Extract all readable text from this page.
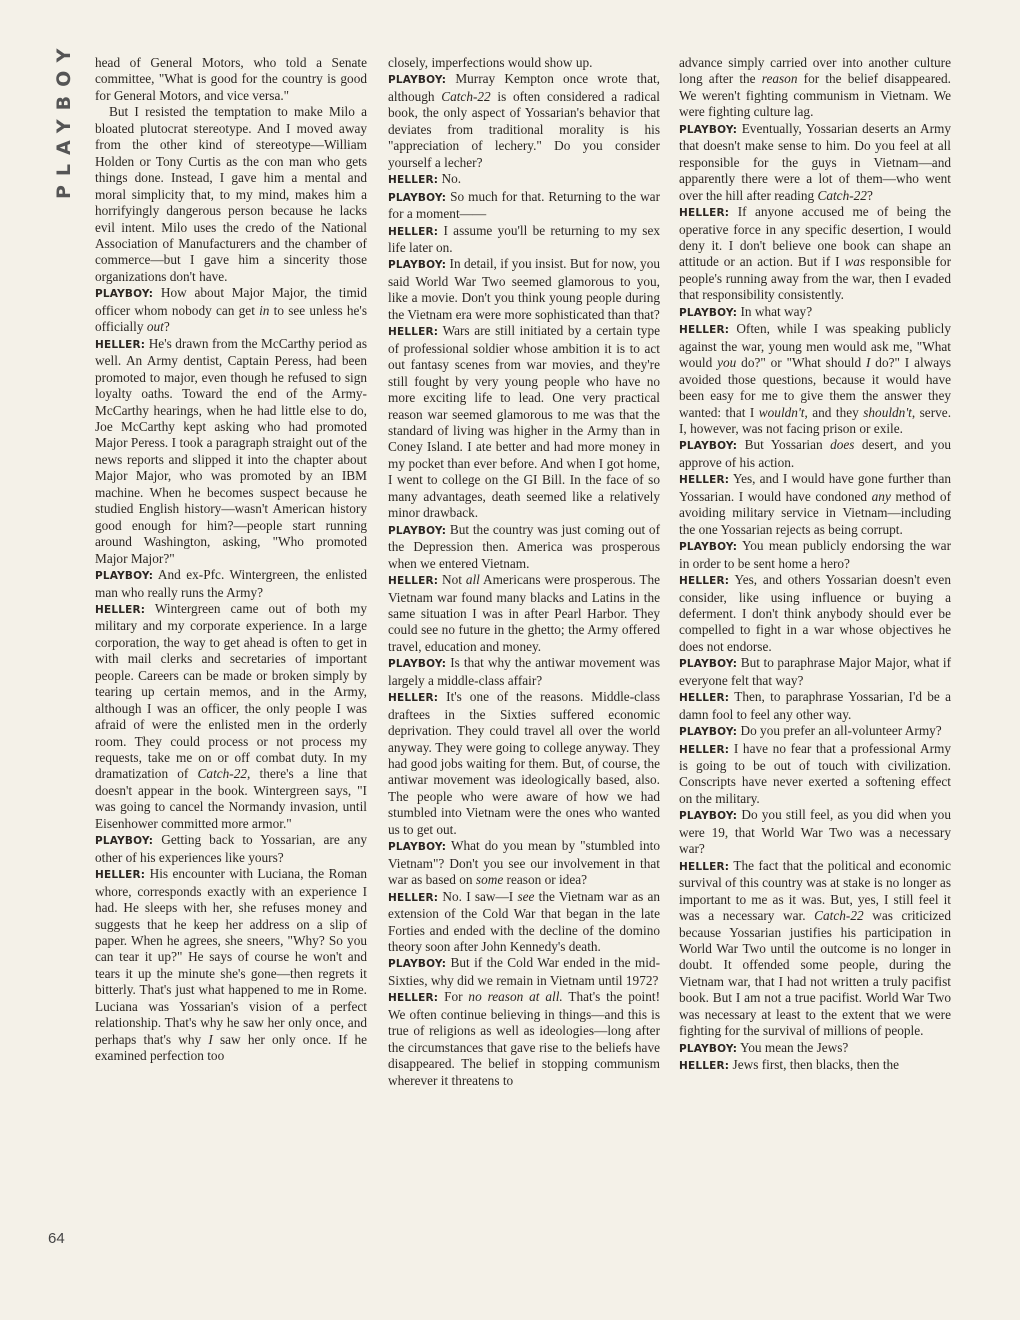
PLAYBOY
64

head of General Motors, who told a Senate committee, "What is good for the country is good for General Motors, and vice versa."

But I resisted the temptation to make Milo a bloated plutocrat stereotype. And I moved away from the other kind of stereotype—William Holden or Tony Curtis as the con man who gets things done. Instead, I gave him a mental and moral simplicity that, to my mind, makes him a horrifyingly dangerous person because he lacks evil intent. Milo uses the credo of the National Association of Manufacturers and the chamber of commerce—but I gave him a sincerity those organizations don't have.

PLAYBOY: How about Major Major, the timid officer whom nobody can get in to see unless he's officially out?

HELLER: He's drawn from the McCarthy period as well. An Army dentist, Captain Peress, had been promoted to major, even though he refused to sign loyalty oaths. Toward the end of the Army-McCarthy hearings, when he had little else to do, Joe McCarthy kept asking who had promoted Major Peress. I took a paragraph straight out of the news reports and slipped it into the chapter about Major Major, who was promoted by an IBM machine. When he becomes suspect because he studied English history—wasn't American history good enough for him?—people start running around Washington, asking, "Who promoted Major Major?"

PLAYBOY: And ex-Pfc. Wintergreen, the enlisted man who really runs the Army?

HELLER: Wintergreen came out of both my military and my corporate experience. In a large corporation, the way to get ahead is often to get in with mail clerks and secretaries of important people. Careers can be made or broken simply by tearing up certain memos, and in the Army, although I was an officer, the only people I was afraid of were the enlisted men in the orderly room. They could process or not process my requests, take me on or off combat duty. In my dramatization of Catch-22, there's a line that doesn't appear in the book. Wintergreen says, "I was going to cancel the Normandy invasion, until Eisenhower committed more armor."

PLAYBOY: Getting back to Yossarian, are any other of his experiences like yours?

HELLER: His encounter with Luciana, the Roman whore, corresponds exactly with an experience I had. He sleeps with her, she refuses money and suggests that he keep her address on a slip of paper. When he agrees, she sneers, "Why? So you can tear it up?" He says of course he won't and tears it up the minute she's gone—then regrets it bitterly. That's just what happened to me in Rome. Luciana was Yossarian's vision of a perfect relationship. That's why he saw her only once, and perhaps that's why I saw her only once. If he examined perfection too

closely, imperfections would show up.

PLAYBOY: Murray Kempton once wrote that, although Catch-22 is often considered a radical book, the only aspect of Yossarian's behavior that deviates from traditional morality is his "appreciation of lechery." Do you consider yourself a lecher?

HELLER: No.

PLAYBOY: So much for that. Returning to the war for a moment——

HELLER: I assume you'll be returning to my sex life later on.

PLAYBOY: In detail, if you insist. But for now, you said World War Two seemed glamorous to you, like a movie. Don't you think young people during the Vietnam era were more sophisticated than that?

HELLER: Wars are still initiated by a certain type of professional soldier whose ambition it is to act out fantasy scenes from war movies, and they're still fought by very young people who have no more exciting life to lead. One very practical reason war seemed glamorous to me was that the standard of living was higher in the Army than in Coney Island. I ate better and had more money in my pocket than ever before. And when I got home, I went to college on the GI Bill. In the face of so many advantages, death seemed like a relatively minor drawback.

PLAYBOY: But the country was just coming out of the Depression then. America was prosperous when we entered Vietnam.

HELLER: Not all Americans were prosperous. The Vietnam war found many blacks and Latins in the same situation I was in after Pearl Harbor. They could see no future in the ghetto; the Army offered travel, education and money.

PLAYBOY: Is that why the antiwar movement was largely a middle-class affair?

HELLER: It's one of the reasons. Middle-class draftees in the Sixties suffered economic deprivation. They could travel all over the world anyway. They were going to college anyway. They had good jobs waiting for them. But, of course, the antiwar movement was ideologically based, also. The people who were aware of how we had stumbled into Vietnam were the ones who wanted us to get out.

PLAYBOY: What do you mean by "stumbled into Vietnam"? Don't you see our involvement in that war as based on some reason or idea?

HELLER: No. I saw—I see the Vietnam war as an extension of the Cold War that began in the late Forties and ended with the decline of the domino theory soon after John Kennedy's death.

PLAYBOY: But if the Cold War ended in the mid-Sixties, why did we remain in Vietnam until 1972?

HELLER: For no reason at all. That's the point! We often continue believing in things—and this is true of religions as well as ideologies—long after the circumstances that gave rise to the beliefs have disappeared. The belief in stopping communism wherever it threatens to

advance simply carried over into another culture long after the reason for the belief disappeared. We weren't fighting communism in Vietnam. We were fighting culture lag.

PLAYBOY: Eventually, Yossarian deserts an Army that doesn't make sense to him. Do you feel at all responsible for the guys in Vietnam—and apparently there were a lot of them—who went over the hill after reading Catch-22?

HELLER: If anyone accused me of being the operative force in any specific desertion, I would deny it. I don't believe one book can shape an attitude or an action. But if I was responsible for people's running away from the war, then I evaded that responsibility consistently.

PLAYBOY: In what way?

HELLER: Often, while I was speaking publicly against the war, young men would ask me, "What would you do?" or "What should I do?" I always avoided those questions, because it would have been easy for me to give them the answer they wanted: that I wouldn't, and they shouldn't, serve. I, however, was not facing prison or exile.

PLAYBOY: But Yossarian does desert, and you approve of his action.

HELLER: Yes, and I would have gone further than Yossarian. I would have condoned any method of avoiding military service in Vietnam—including the one Yossarian rejects as being corrupt.

PLAYBOY: You mean publicly endorsing the war in order to be sent home a hero?

HELLER: Yes, and others Yossarian doesn't even consider, like using influence or buying a deferment. I don't think anybody should ever be compelled to fight in a war whose objectives he does not endorse.

PLAYBOY: But to paraphrase Major Major, what if everyone felt that way?

HELLER: Then, to paraphrase Yossarian, I'd be a damn fool to feel any other way.

PLAYBOY: Do you prefer an all-volunteer Army?

HELLER: I have no fear that a professional Army is going to be out of touch with civilization. Conscripts have never exerted a softening effect on the military.

PLAYBOY: Do you still feel, as you did when you were 19, that World War Two was a necessary war?

HELLER: The fact that the political and economic survival of this country was at stake is no longer as important to me as it was. But, yes, I still feel it was a necessary war. Catch-22 was criticized because Yossarian justifies his participation in World War Two until the outcome is no longer in doubt. It offended some people, during the Vietnam war, that I had not written a truly pacifist book. But I am not a true pacifist. World War Two was necessary at least to the extent that we were fighting for the survival of millions of people.

PLAYBOY: You mean the Jews?

HELLER: Jews first, then blacks, then the
